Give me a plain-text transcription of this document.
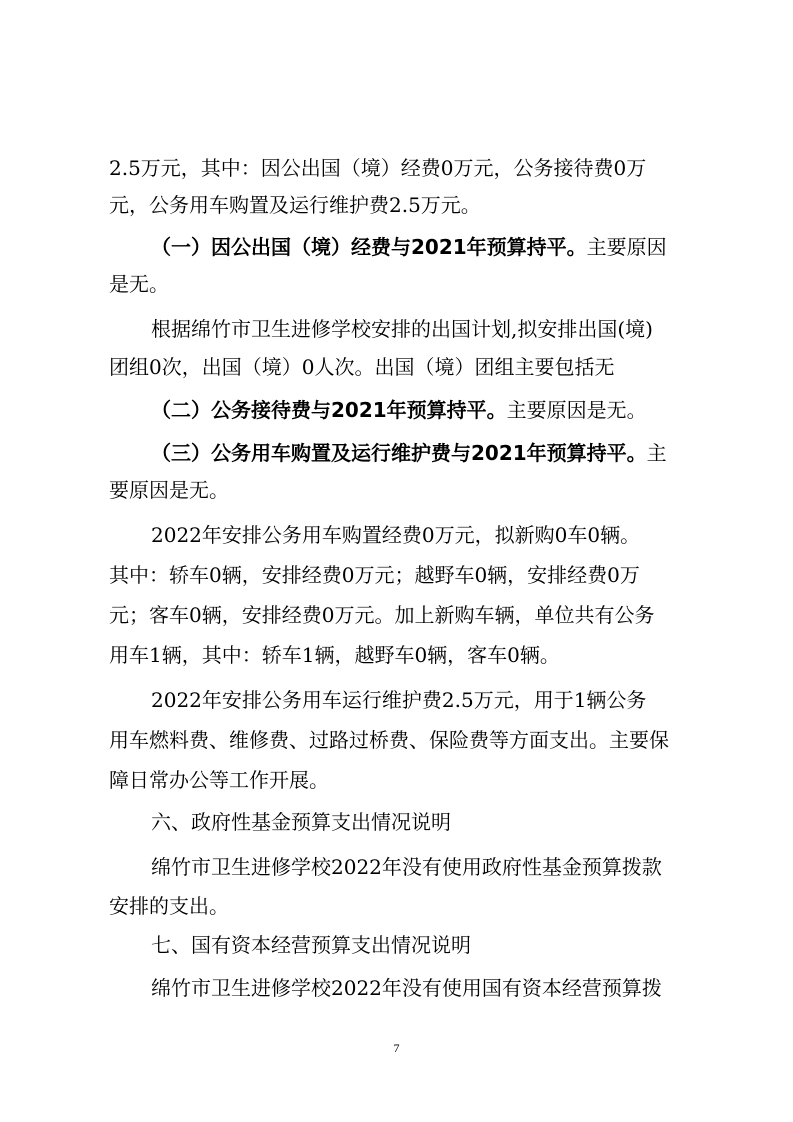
2.5万元，其中：因公出国（境）经费0万元，公务接待费0万
元，公务用车购置及运行维护费2.5万元。
（一）因公出国（境）经费与2021年预算持平。主要原因
是无。
根据绵竹市卫生进修学校安排的出国计划,拟安排出国(境)
团组0次，出国（境）0人次。出国（境）团组主要包括无
（二）公务接待费与2021年预算持平。主要原因是无。
（三）公务用车购置及运行维护费与2021年预算持平。主
要原因是无。
2022年安排公务用车购置经费0万元，拟新购0车0辆。
其中：轿车0辆，安排经费0万元；越野车0辆，安排经费0万
元；客车0辆，安排经费0万元。加上新购车辆，单位共有公务
用车1辆，其中：轿车1辆，越野车0辆，客车0辆。
2022年安排公务用车运行维护费2.5万元，用于1辆公务
用车燃料费、维修费、过路过桥费、保险费等方面支出。主要保
障日常办公等工作开展。
六、政府性基金预算支出情况说明
绵竹市卫生进修学校2022年没有使用政府性基金预算拨款
安排的支出。
七、国有资本经营预算支出情况说明
绵竹市卫生进修学校2022年没有使用国有资本经营预算拨
7
